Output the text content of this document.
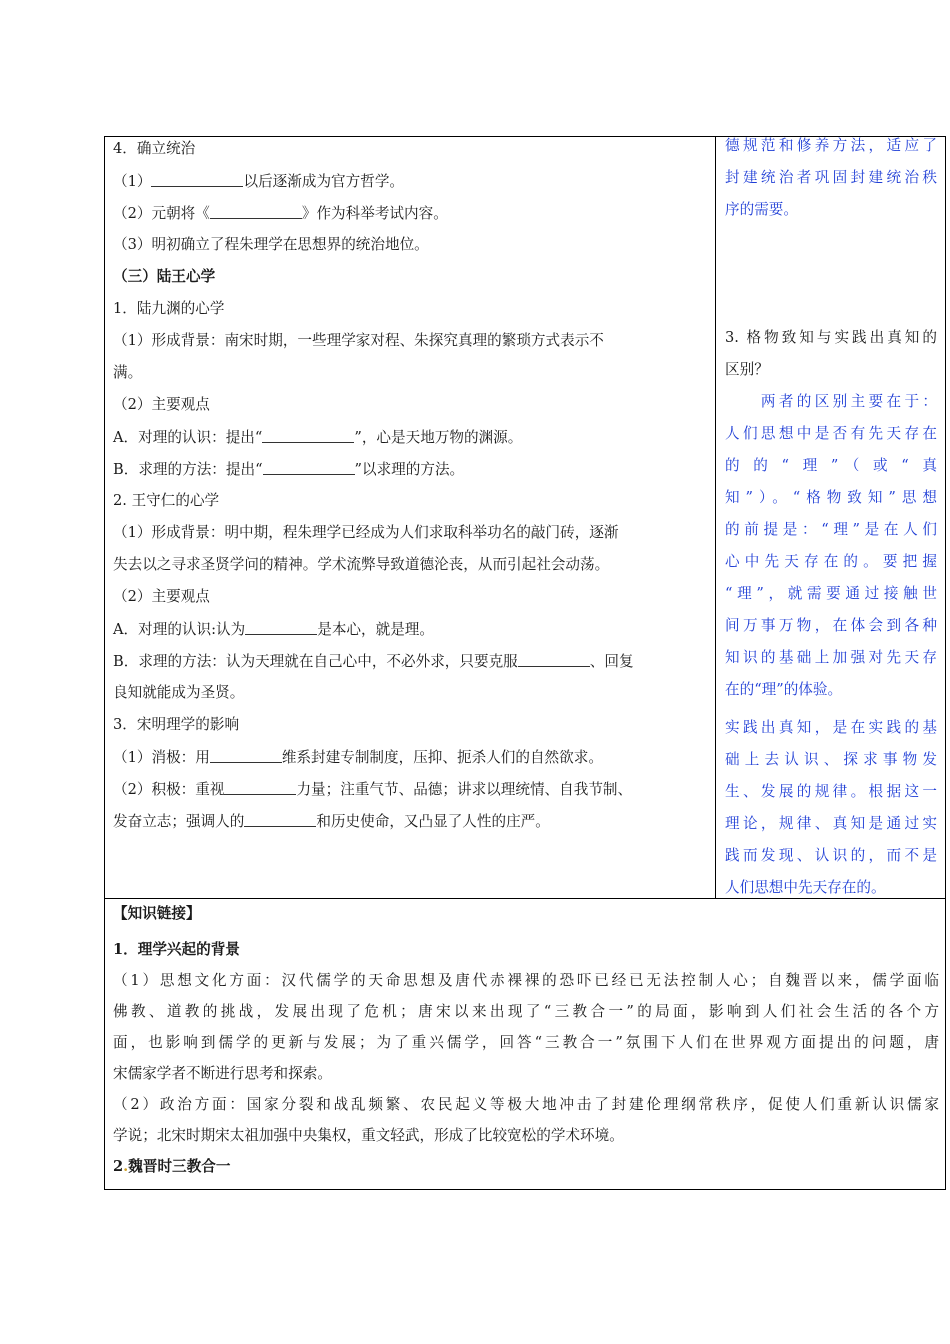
4．确立统治

（1）	以后逐渐成为官方哲学。

（2）元朝将《	》作为科举考试内容。

（3）明初确立了程朱理学在思想界的统治地位。

（三）陆王心学

1．陆九渊的心学

（1）形成背景：南宋时期，一些理学家对程、朱探究真理的繁琐方式表示不

满。

（2）主要观点

A．对理的认识：提出“	”，心是天地万物的渊源。

B．求理的方法：提出“	”以求理的方法。

2. 王守仁的心学

（1）形成背景：明中期，程朱理学已经成为人们求取科举功名的敲门砖，逐渐

失去以之寻求圣贤学问的精神。学术流弊导致道德沦丧，从而引起社会动荡。

（2）主要观点

A．对理的认识:认为	是本心，就是理。

B．求理的方法：认为天理就在自己心中，不必外求，只要克服	、回复

良知就能成为圣贤。

3．宋明理学的影响

（1）消极：用	维系封建专制制度，压抑、扼杀人们的自然欲求。

（2）积极：重视	力量；注重气节、品德；讲求以理统情、自我节制、

发奋立志；强调人的	和历史使命，又凸显了人性的庄严。

德规范和修养方法，适应了

封建统治者巩固封建统治秩

序的需要。

3. 格物致知与实践出真知的

区别？

　　两者的区别主要在于：

人们思想中是否有先天存在

的的“理”（或“真

知”）。“格物致知”思想

的前提是：“理”是在人们

心中先天存在的。要把握

“理”，就需要通过接触世

间万事万物，在体会到各种

知识的基础上加强对先天存

在的“理”的体验。

实践出真知，是在实践的基

础上去认识、探求事物发

生、发展的规律。根据这一

理论，规律、真知是通过实

践而发现、认识的，而不是

人们思想中先天存在的。

【知识链接】

1．理学兴起的背景

（1）思想文化方面：汉代儒学的天命思想及唐代赤裸裸的恐吓已经已无法控制人心；自魏晋以来，儒学面临

佛教、道教的挑战，发展出现了危机；唐宋以来出现了“三教合一”的局面，影响到人们社会生活的各个方

面，也影响到儒学的更新与发展；为了重兴儒学，回答“三教合一”氛围下人们在世界观方面提出的问题，唐

宋儒家学者不断进行思考和探索。

（2）政治方面：国家分裂和战乱频繁、农民起义等极大地冲击了封建伦理纲常秩序，促使人们重新认识儒家

学说；北宋时期宋太祖加强中央集权，重文轻武，形成了比较宽松的学术环境。

2.魏晋时三教合一
